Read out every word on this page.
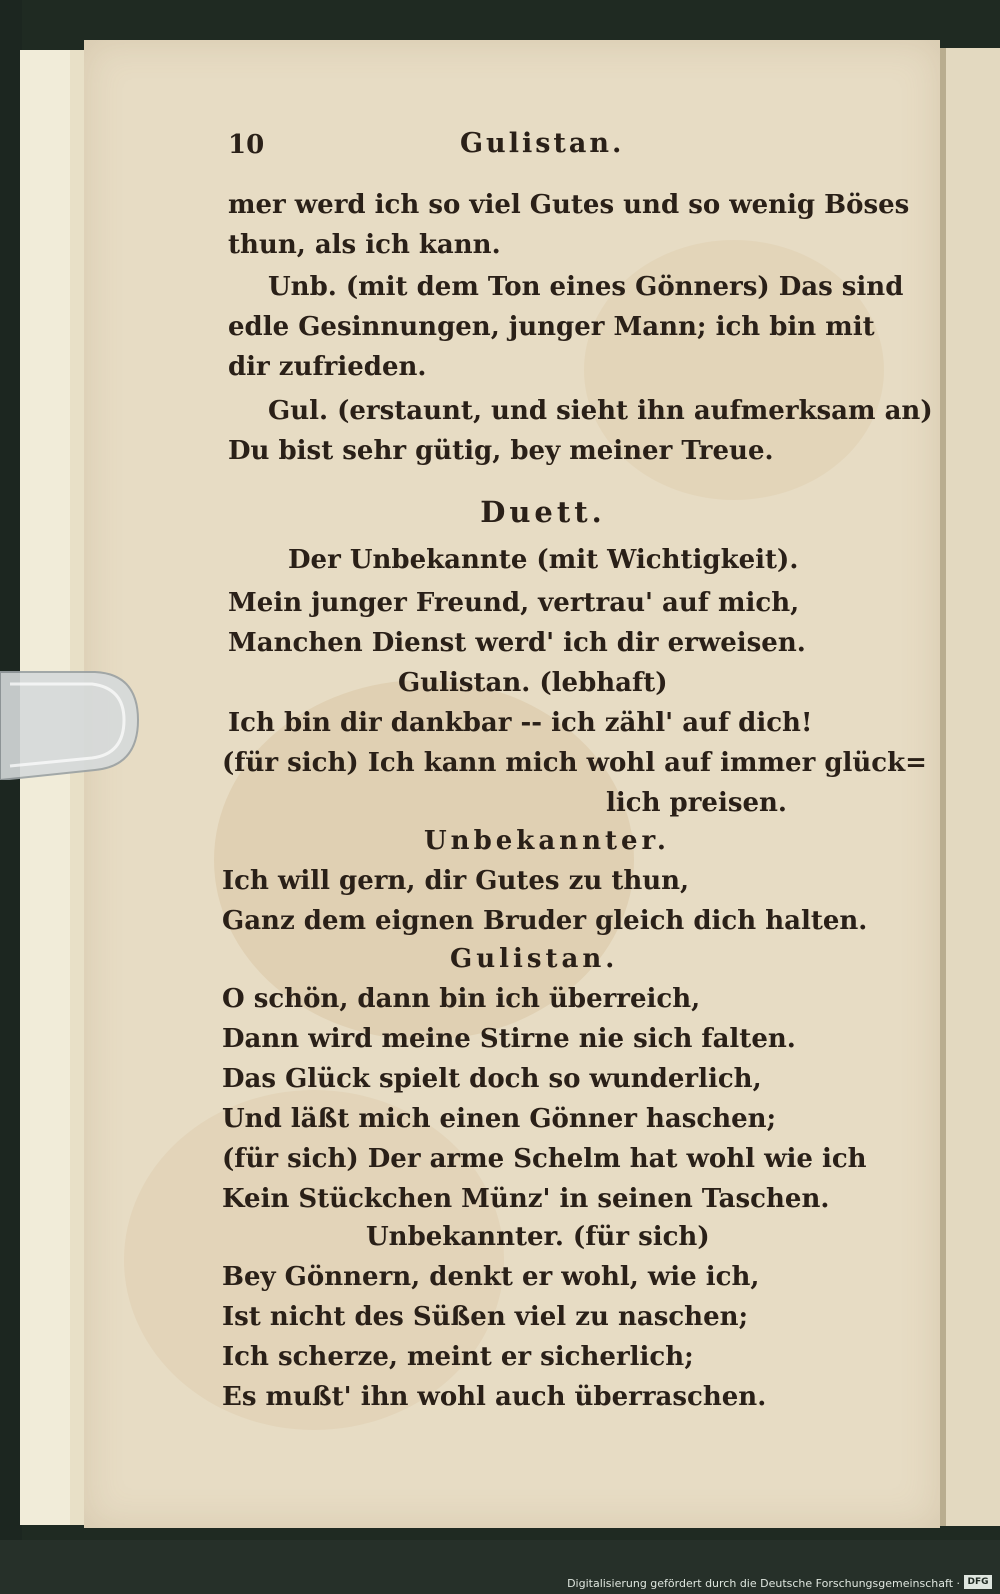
10	Gulistan.
mer werd ich so viel Gutes und so wenig Böses
thun, als ich kann.
Unb. (mit dem Ton eines Gönners) Das sind
edle Gesinnungen, junger Mann; ich bin mit
dir zufrieden.
Gul. (erstaunt, und sieht ihn aufmerksam an)
Du bist sehr gütig, bey meiner Treue.
Duett.
Der Unbekannte (mit Wichtigkeit).
Mein junger Freund, vertrau' auf mich,
Manchen Dienst werd' ich dir erweisen.
Gulistan. (lebhaft)
Ich bin dir dankbar -- ich zähl' auf dich!
(für sich) Ich kann mich wohl auf immer glück=
lich preisen.
Unbekannter.
Ich will gern, dir Gutes zu thun,
Ganz dem eignen Bruder gleich dich halten.
Gulistan.
O schön, dann bin ich überreich,
Dann wird meine Stirne nie sich falten.
Das Glück spielt doch so wunderlich,
Und läßt mich einen Gönner haschen;
(für sich) Der arme Schelm hat wohl wie ich
Kein Stückchen Münz' in seinen Taschen.
Unbekannter. (für sich)
Bey Gönnern, denkt er wohl, wie ich,
Ist nicht des Süßen viel zu naschen;
Ich scherze, meint er sicherlich;
Es mußt' ihn wohl auch überraschen.
Digitalisierung gefördert durch die Deutsche Forschungsgemeinschaft · DFG
